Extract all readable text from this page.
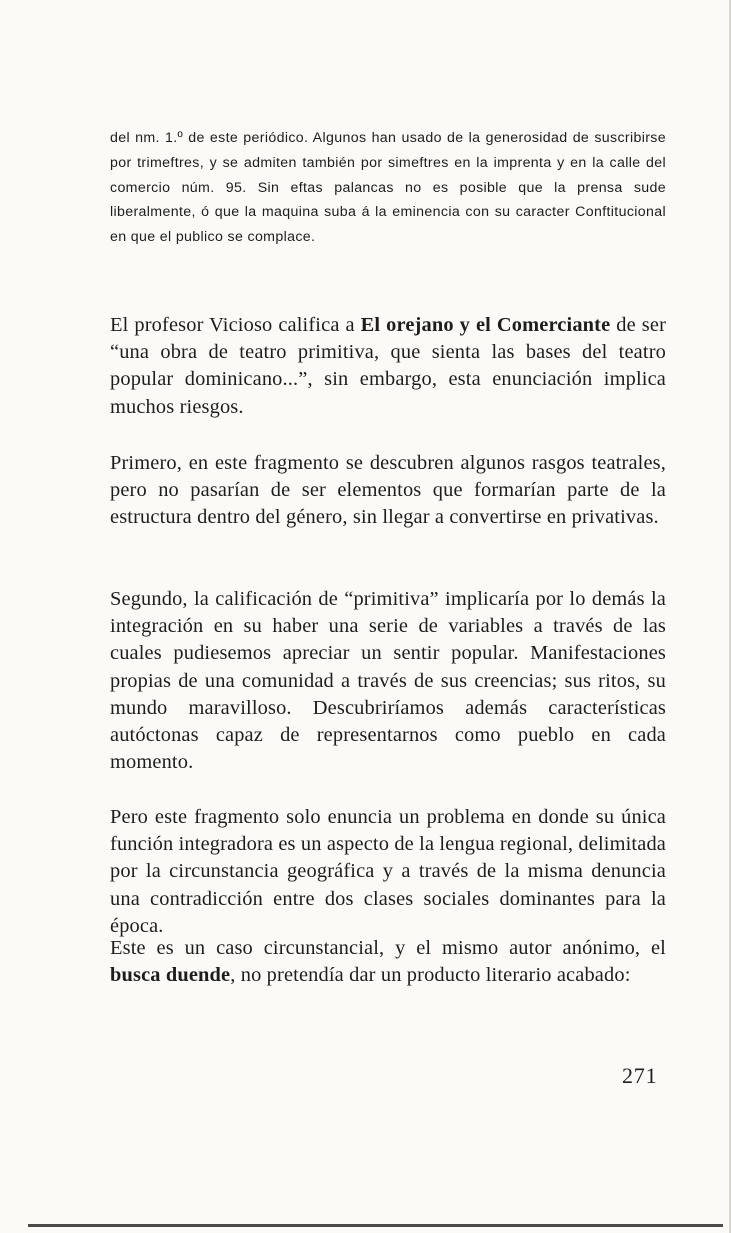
del nm. 1.º de este periódico. Algunos han usado de la generosidad de suscribirse por trimeftres, y se admiten también por simeftres en la imprenta y en la calle del comercio núm. 95. Sin eftas palancas no es posible que la prensa sude liberalmente, ó que la maquina suba á la eminencia con su caracter Conftitucional en que el publico se complace.
El profesor Vicioso califica a El orejano y el Comerciante de ser “una obra de teatro primitiva, que sienta las bases del teatro popular dominicano...”, sin embargo, esta enunciación implica muchos riesgos.
Primero, en este fragmento se descubren algunos rasgos teatrales, pero no pasarían de ser elementos que formarían parte de la estructura dentro del género, sin llegar a convertirse en privativas.
Segundo, la calificación de “primitiva” implicaría por lo demás la integración en su haber una serie de variables a través de las cuales pudiesemos apreciar un sentir popular. Manifestaciones propias de una comunidad a través de sus creencias; sus ritos, su mundo maravilloso. Descubriríamos además características autóctonas capaz de representarnos como pueblo en cada momento.
Pero este fragmento solo enuncia un problema en donde su única función integradora es un aspecto de la lengua regional, delimitada por la circunstancia geográfica y a través de la misma denuncia una contradicción entre dos clases sociales dominantes para la época.
Este es un caso circunstancial, y el mismo autor anónimo, el busca duende, no pretendía dar un producto literario acabado:
271
